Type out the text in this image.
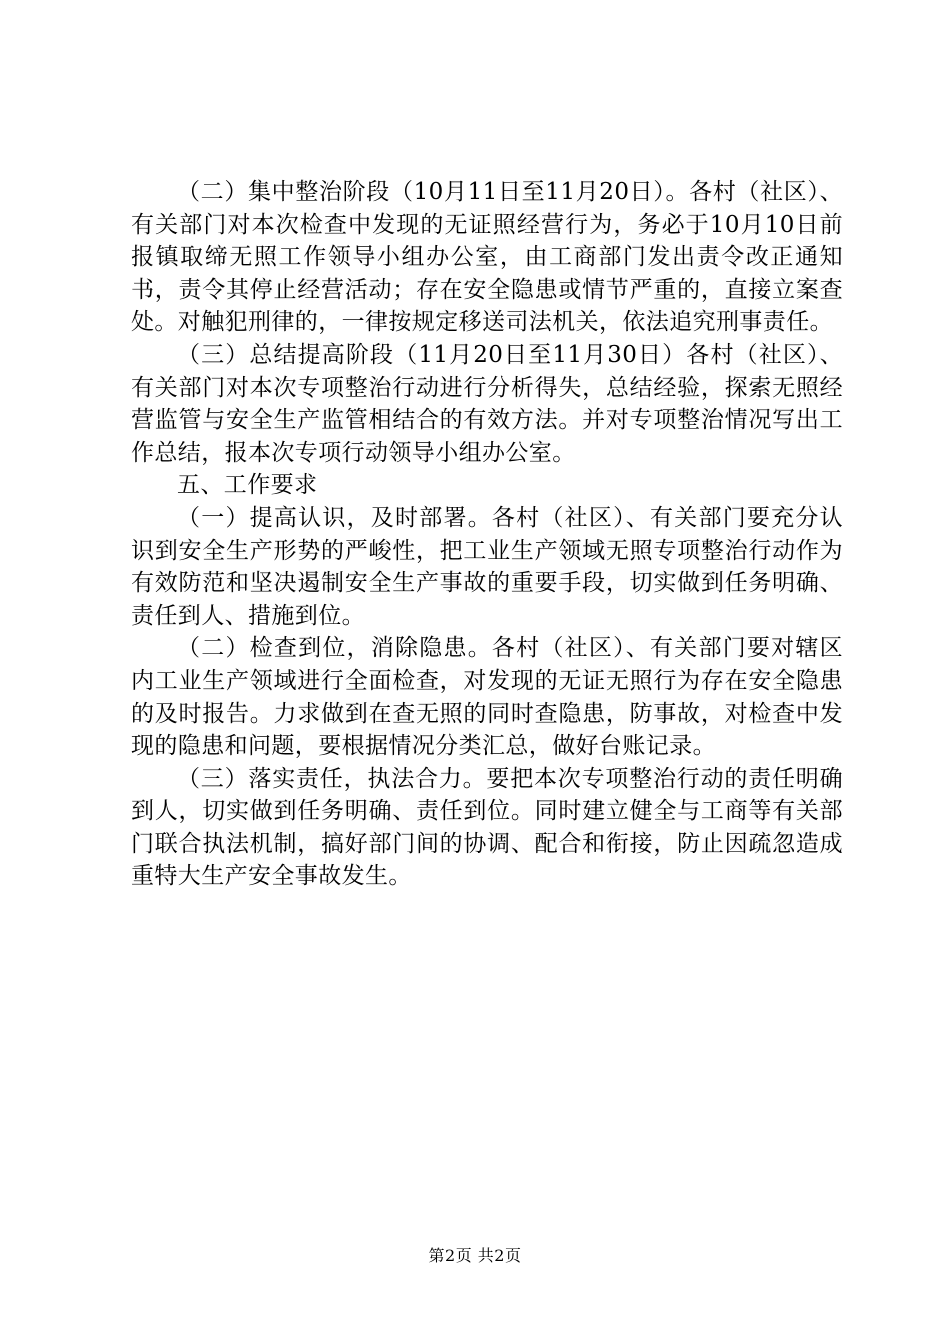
（二）集中整治阶段（10月11日至11月20日）。各村（社区）、有关部门对本次检查中发现的无证照经营行为，务必于10月10日前报镇取缔无照工作领导小组办公室，由工商部门发出责令改正通知书，责令其停止经营活动；存在安全隐患或情节严重的，直接立案查处。对触犯刑律的，一律按规定移送司法机关，依法追究刑事责任。

（三）总结提高阶段（11月20日至11月30日）各村（社区）、有关部门对本次专项整治行动进行分析得失，总结经验，探索无照经营监管与安全生产监管相结合的有效方法。并对专项整治情况写出工作总结，报本次专项行动领导小组办公室。

五、工作要求

（一）提高认识，及时部署。各村（社区）、有关部门要充分认识到安全生产形势的严峻性，把工业生产领域无照专项整治行动作为有效防范和坚决遏制安全生产事故的重要手段，切实做到任务明确、责任到人、措施到位。

（二）检查到位，消除隐患。各村（社区）、有关部门要对辖区内工业生产领域进行全面检查，对发现的无证无照行为存在安全隐患的及时报告。力求做到在查无照的同时查隐患，防事故，对检查中发现的隐患和问题，要根据情况分类汇总，做好台账记录。

（三）落实责任，执法合力。要把本次专项整治行动的责任明确到人，切实做到任务明确、责任到位。同时建立健全与工商等有关部门联合执法机制，搞好部门间的协调、配合和衔接，防止因疏忽造成重特大生产安全事故发生。

第2页 共2页
